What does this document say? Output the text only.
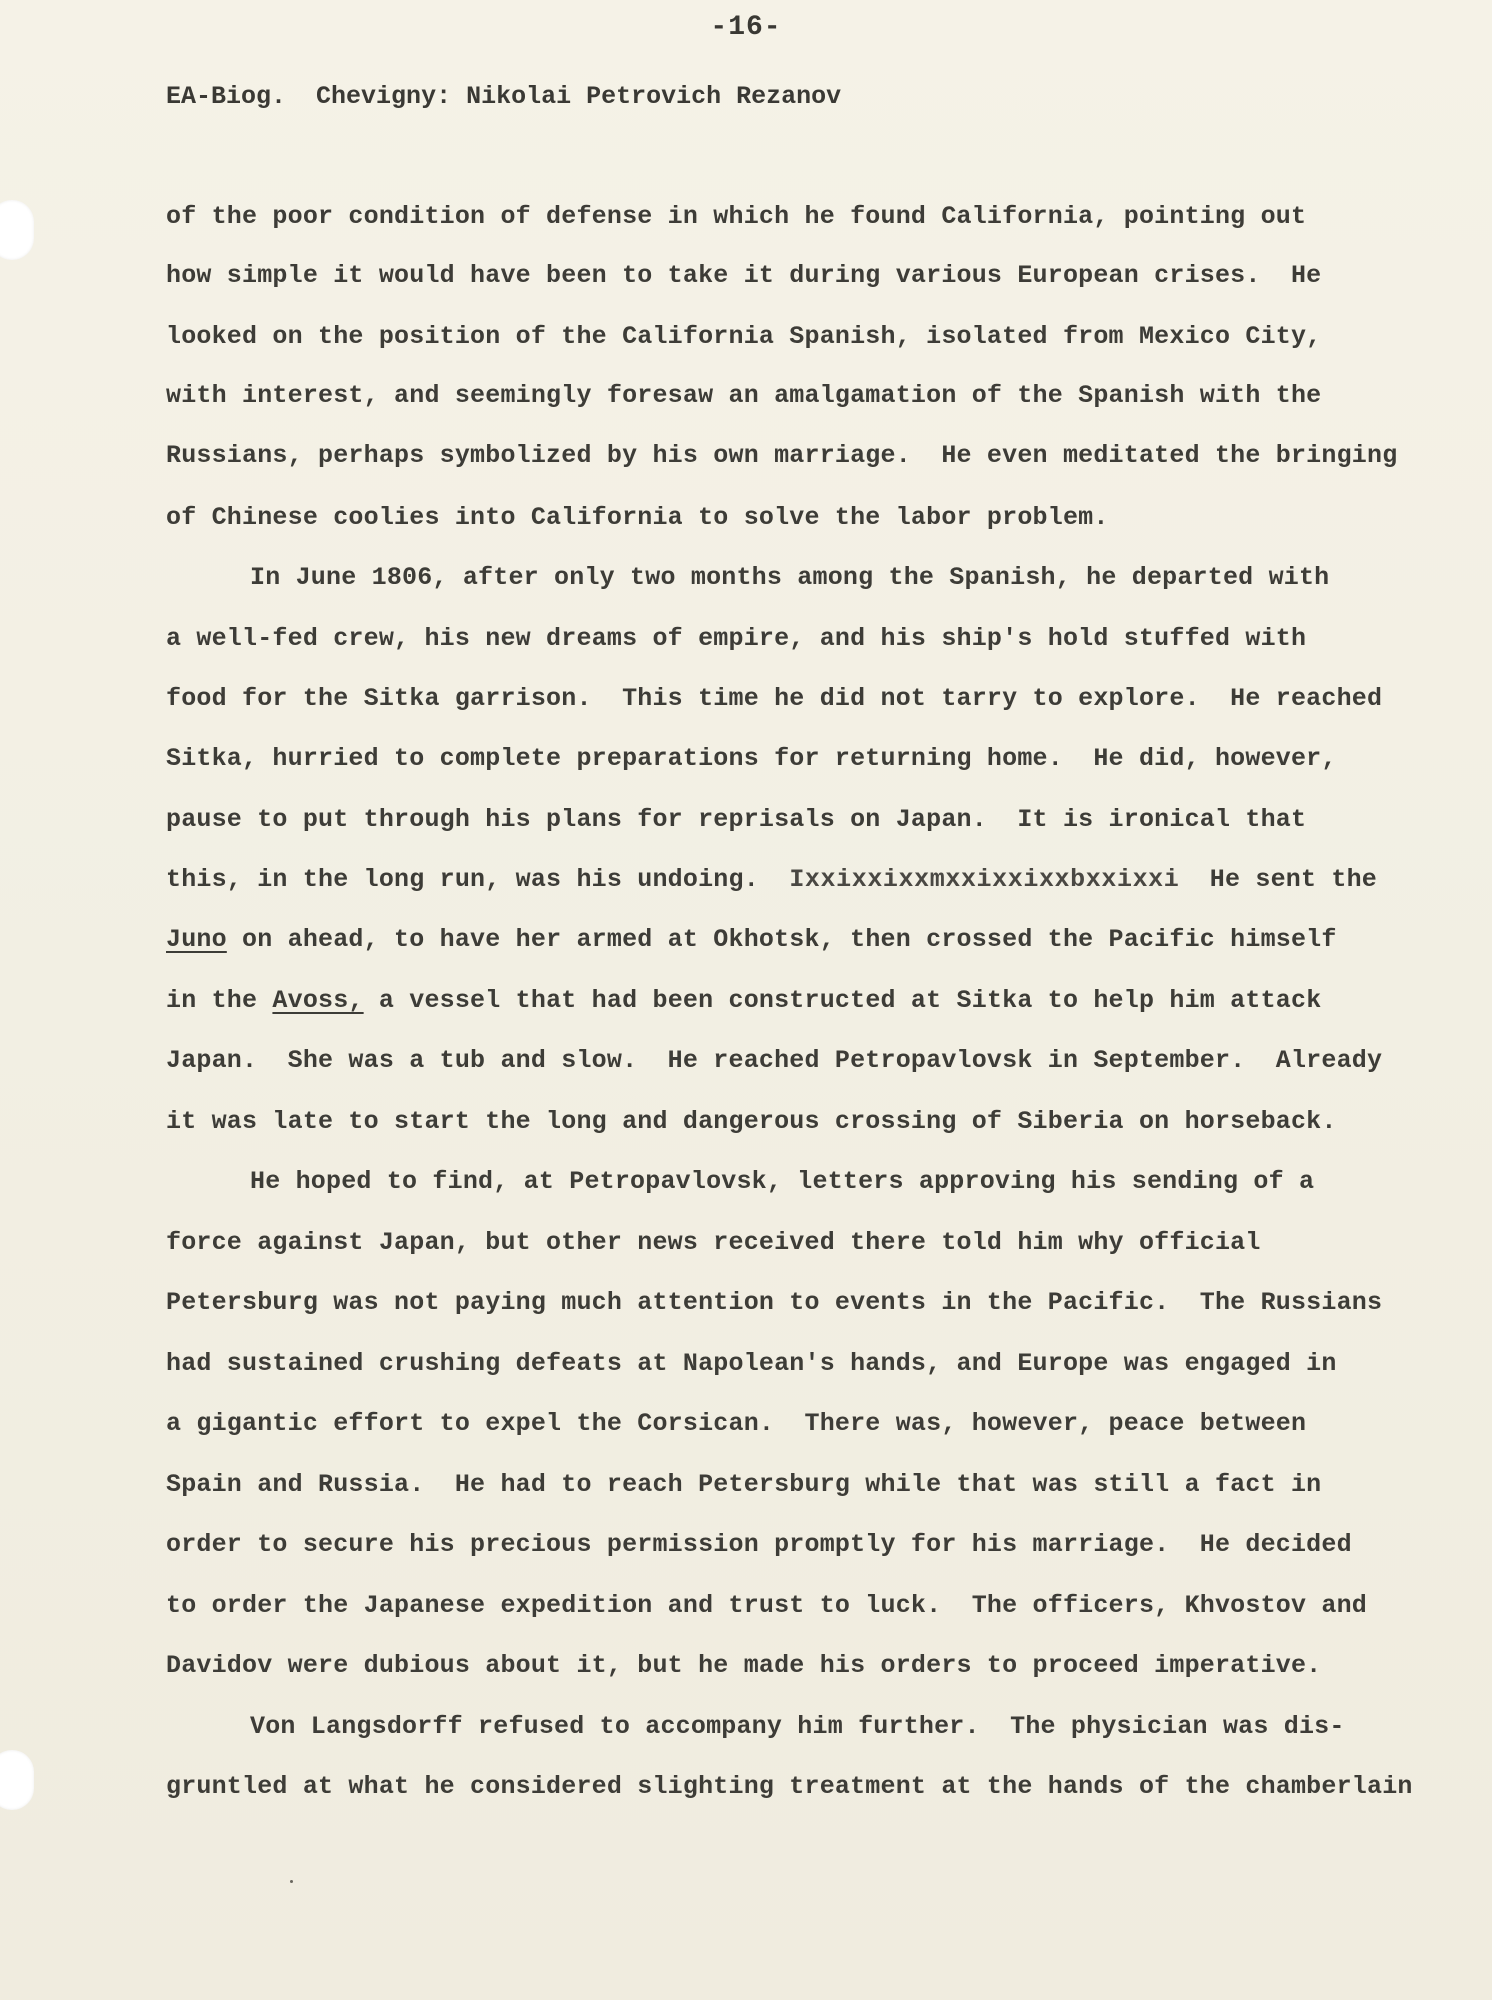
-16-
EA-Biog. Chevigny: Nikolai Petrovich Rezanov
of the poor condition of defense in which he found California, pointing out
how simple it would have been to take it during various European crises.  He
looked on the position of the California Spanish, isolated from Mexico City,
with interest, and seemingly foresaw an amalgamation of the Spanish with the
Russians, perhaps symbolized by his own marriage.  He even meditated the bringing
of Chinese coolies into California to solve the labor problem.
In June 1806, after only two months among the Spanish, he departed with
a well-fed crew, his new dreams of empire, and his ship's hold stuffed with
food for the Sitka garrison.  This time he did not tarry to explore.  He reached
Sitka, hurried to complete preparations for returning home.  He did, however,
pause to put through his plans for reprisals on Japan.  It is ironical that
this, in the long run, was his undoing. Ixxixxixxmxxixxixxbxxixxi He sent the
Juno on ahead, to have her armed at Okhotsk, then crossed the Pacific himself
in the Avoss, a vessel that had been constructed at Sitka to help him attack
Japan.  She was a tub and slow.  He reached Petropavlovsk in September.  Already
it was late to start the long and dangerous crossing of Siberia on horseback.
He hoped to find, at Petropavlovsk, letters approving his sending of a
force against Japan, but other news received there told him why official
Petersburg was not paying much attention to events in the Pacific.  The Russians
had sustained crushing defeats at Napolean's hands, and Europe was engaged in
a gigantic effort to expel the Corsican.  There was, however, peace between
Spain and Russia.  He had to reach Petersburg while that was still a fact in
order to secure his precious permission promptly for his marriage.  He decided
to order the Japanese expedition and trust to luck.  The officers, Khvostov and
Davidov were dubious about it, but he made his orders to proceed imperative.
Von Langsdorff refused to accompany him further.  The physician was dis-
gruntled at what he considered slighting treatment at the hands of the chamberlain
